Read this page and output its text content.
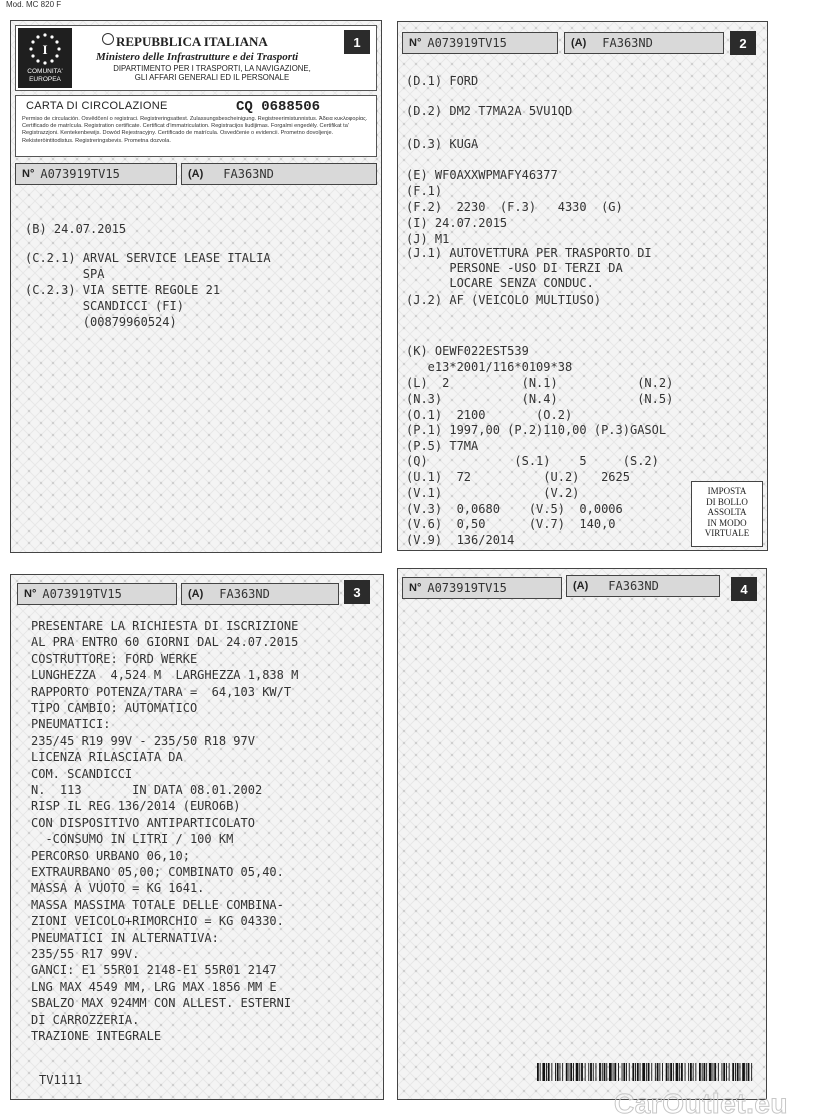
Mod. MC 820 F
I
COMUNITA'
EUROPEA
REPUBBLICA ITALIANA
Ministero delle Infrastrutture e dei Trasporti
DIPARTIMENTO PER I TRASPORTI, LA NAVIGAZIONE,
GLI AFFARI GENERALI ED IL PERSONALE
1
CARTA DI CIRCOLAZIONE	CQ 0688506
Permiso de circulación. Osvědčení o registraci. Registreringsattest. Zulassungsbescheinigung. Registreerimistunnistus. Άδεια κυκλοφορίας. Certificado de matrícula. Registration certificate. Certificat d'immatriculation. Registracijos liudijimas. Forgalmi engedély. Certifikat ta' Registrazzjoni. Kentekenbewijs. Dowód Rejestracyjny. Certificado de matrícula. Osvedčenie o evidencii. Prometno dovoljenje. Rekisteröintitodistus. Registreringsbevis. Prometna dozvola.
N° A073919TV15	(A) FA363ND
(B) 24.07.2015
(C.2.1) ARVAL SERVICE LEASE ITALIA
SPA
(C.2.3) VIA SETTE REGOLE 21
SCANDICCI (FI)
(00879960524)
N° A073919TV15	(A) FA363ND	2
(D.1) FORD
(D.2) DM2 T7MA2A 5VU1QD
(D.3) KUGA
(E) WF0AXXWPMAFY46377
(F.1)
(F.2)  2230  (F.3)   4330  (G)
(I) 24.07.2015
(J) M1
(J.1) AUTOVETTURA PER TRASPORTO DI
PERSONE -USO DI TERZI DA
LOCARE SENZA CONDUC.
(J.2) AF (VEICOLO MULTIUSO)
(K) OEWF022EST539
e13*2001/116*0109*38
(L)  2          (N.1)           (N.2)
(N.3)           (N.4)           (N.5)
(O.1)  2100       (O.2)
(P.1) 1997,00 (P.2)110,00 (P.3)GASOL
(P.5) T7MA
(Q)            (S.1)    5     (S.2)
(U.1)  72          (U.2)   2625
(V.1)              (V.2)
(V.3)  0,0680    (V.5)  0,0006
(V.6)  0,50      (V.7)  140,0
(V.9)  136/2014
IMPOSTA
DI BOLLO
ASSOLTA
IN MODO
VIRTUALE
N° A073919TV15	(A) FA363ND	3
PRESENTARE LA RICHIESTA DI ISCRIZIONE
AL PRA ENTRO 60 GIORNI DAL 24.07.2015
COSTRUTTORE: FORD WERKE
LUNGHEZZA  4,524 M  LARGHEZZA 1,838 M
RAPPORTO POTENZA/TARA =  64,103 KW/T
TIPO CAMBIO: AUTOMATICO
PNEUMATICI:
235/45 R19 99V - 235/50 R18 97V
LICENZA RILASCIATA DA
COM. SCANDICCI
N.  113       IN DATA 08.01.2002
RISP IL REG 136/2014 (EURO6B)
CON DISPOSITIVO ANTIPARTICOLATO
-CONSUMO IN LITRI / 100 KM
PERCORSO URBANO 06,10;
EXTRAURBANO 05,00; COMBINATO 05,40.
MASSA A VUOTO = KG 1641.
MASSA MASSIMA TOTALE DELLE COMBINA-
ZIONI VEICOLO+RIMORCHIO = KG 04330.
PNEUMATICI IN ALTERNATIVA:
235/55 R17 99V.
GANCI: E1 55R01 2148-E1 55R01 2147
LNG MAX 4549 MM, LRG MAX 1856 MM E
SBALZO MAX 924MM CON ALLEST. ESTERNI
DI CARROZZERIA.
TRAZIONE INTEGRALE
TV1111
N° A073919TV15	(A) FA363ND	4
CarOutlet.eu
